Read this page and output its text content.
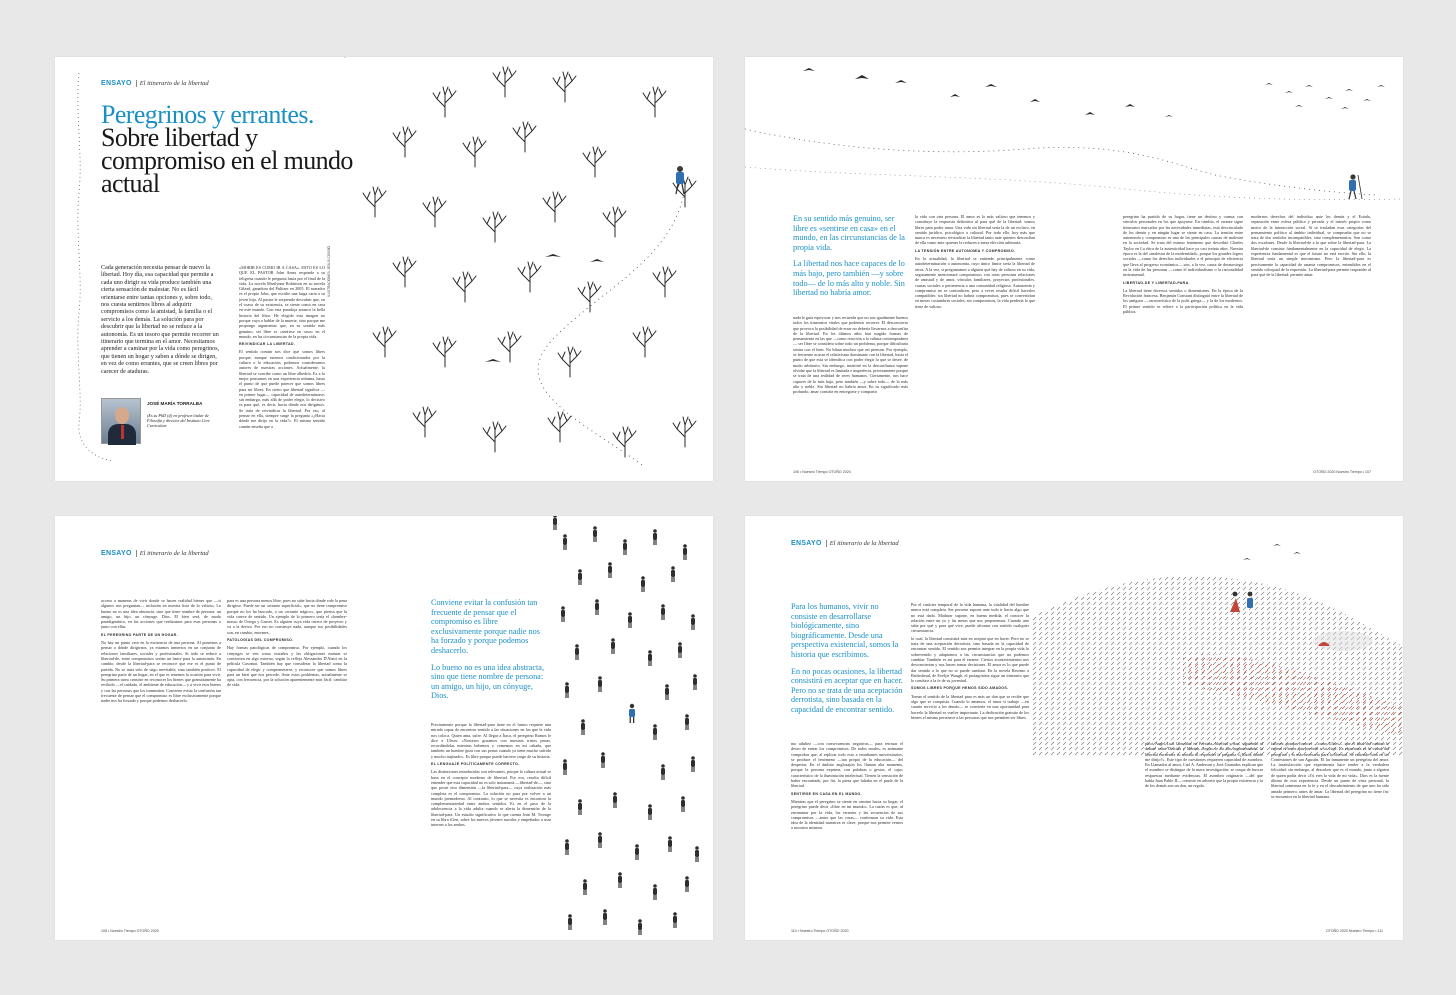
ENSAYO El itinerario de la libertad
Peregrinos y errantes.
Sobre libertad y compromiso en el mundo actual
Cada generación necesita pensar de nuevo la libertad. Hoy día, esa capacidad que permite a cada uno dirigir su vida produce también una cierta sensación de malestar. No es fácil orientarse entre tantas opciones y, sobre todo, nos cuesta sentirnos libres al adquirir compromisos como la amistad, la familia o el servicio a los demás. La solución para por descubrir que la libertad no se reduce a la autonomía. Es un tesoro que permite recorrer un itinerario que termina en el amor. Necesitamos aprender a caminar por la vida como peregrinos, que tienen un hogar y saben a dónde se dirigen, en vez de como errantes, que se creen libres por carecer de ataduras.
JOSÉ MARÍA TORRALBA
(Es su PhD (tf) en profesor titular de Filosofía y director del Instituto Core Curriculum

«MORIR ES COMO IR A CASA». ESTO ES LO QUE EL PASTOR John Ames responde a su feligresa cuando le pregunta hasta por el final de la vida. La novela Marilynne Robinson en su novela Gilead, ganadora del Pulitzer en 2005. El narrador es el propio John, que escribe una larga carta a su joven hijo. Al pastor le sorprende descubrir que, en el ocaso de su existencia, se siente como en casa en este mundo. Con esta paradoja arranca la bella historia del libro. He elegido esta imagen no porque vaya a hablar de la muerte, sino porque me propongo argumentar que, en su sentido más genuino, ser libre es «sentirse en casa» en el mundo, en las circunstancias de la propia vida.

REIVINDICAR LA LIBERTAD.

El sentido común nos dice que somos libres porque, aunque estemos condicionados por la cultura o la educación, podemos considerarnos autores de nuestras acciones. Actualmente, la libertad se concibe como un libre albedrío. Es a lo mejor pensamos en una experiencia mínima, hasta el punto de que puede parecer que somos libres para ser libres. En cierto que libertad significa —en primer lugar— capacidad de autodeterminarse; sin embargo, más allá de poder elegir, lo decisivo es para qué, es decir, hacia dónde nos dirigimos. Se trata de reivindicar la libertad. Por eso, al pensar en ella, siempre surge la pregunta «¿Hacia dónde me dirijo en la vida?». El mismo sentido común enseña que a

ILUSTRACIONES: JESÚS COSSÍO

En su sentido más genuino, ser libre es «sentirse en casa» en el mundo, en las circunstancias de la propia vida.

La libertad nos hace capaces de lo más bajo, pero también —y sobre todo— de lo más alto y noble. Sin libertad no habría amor.

nada le guía equivocar y nos recuerda que no son igualmente buenos todos los itinerarios vitales que podemos recorrer. El desconcierto que provoca la posibilidad de errar no debería llevarnos a desconfiar de la libertad. En los últimos años han surgido formas de pensamiento en las que —como reacción a la cultura contemporánea— ser libre se considera sobre todo un problema, porque dificultaría sentar con el bien. No hiban muchos que asi piensan. Por ejemplo, se frecuente acusar el relativismo dominante con la libertad, hasta el punto de que esta se identifica con poder elegir lo que se desee, de modo arbitrario. Sin embargo, insisitiré en la desconfianza supone olvidar que la libertad es limitada e imperfecta, precisamente porque se trata de una realidad de seres humanos. Ciertamente, nos hace capaces de lo más bajo, pero también —y sobre todo— de lo más alto y noble. Sin libertad no habría amor. En su significado más profundo, amar consiste en entregarse y compartir

la vida con otra persona. El amor es lo más valioso que tenemos y constituye la respuesta definitiva al para qué de la libertad: somos libres para poder amar. Una vida sin libertad sería la de un esclavo, en sentido jurídico, psicológico o cultural. Por todo ello, hoy más que nunca es necesario reivindicar la libertad tanto ante quienes desconfían de ella como ante quienes la reducen a mera elección arbitraria.

LA TENSIÓN ENTRE AUTONOMÍA Y COMPROMISO.

En la actualidad, la libertad se entiende principalmente como autodeterminación o autonomía, cuyo único límite sería la libertad de otros. A la vez, si preguntamos a alguien qué hay de valioso en su vida, seguramente mencionará compromisos con otras personas relaciones de amistad y de amor, vínculos familiares, proyectos profesionales, causas sociales o pertenencia a una comunidad religiosa. Autonomía y compromiso no se contradicen, pero a veces resulta difícil hacerlos compatibles: sin libertad no habría compromisos, pues se convertirían en meras costumbres sociales; sin compromisos, la vida perdería lo que tiene de valioso.

peregrino ha partido de su hogar, tiene un destino y cuenta con vínculos personales en los que apoyarse. En cambio, el errante sigue itinerarios marcados por las necesidades inmediatas, está desvinculado de los demás y en ningún lugar se siente en casa. La tensión entre autonomía y compromiso es una de las principales causas de malestar en la sociedad. Se trata del mismo fenómeno que describió Charles Taylor en La ética de la autenticidad hace ya casi treinta años. Nuestra época es la del «malestar de la modernidad», porque los grandes logros sociales —como los derechos individuales o el principio de eficiencia que lleva al progreso económico— son, a la vez, causa de desasosiego en la vida de las personas —como el individualismo o la racionalidad instrumental.

LIBERTAD-DE Y LIBERTAD-PARA.

La libertad tiene diversos sentidos o dimensiones. En la época de la Revolución francesa, Benjamin Constant distinguió entre la libertad de los antiguos —característica de la polis griega— y la de los modernos. El primer sentido se refiere a la participación política en la vida pública.

modernos derechos del individuo ante los demás y el Estado, separación entre esfera pública y privada y el interés propio como motor de la interacción social. Si se trasladan esas categorías del pensamiento político al ámbito individual, se comprueba que no se trata de dos sentidos incompatibles, sino complementarios. Son como dos escalones. Desde la libertad-de a la que sobre la libertad-para. La libertad-de consiste fundamentalmente en la capacidad de elegir. La experiencia fundamental es que el futuro no está escrito. Sin ello, la libertad sería un simple mecanismo. Pero la libertad-para es precisamente la capacidad de asumir compromisos, entendidos en el sentido coloquial de la expresión. La libertad-para permite responder al para qué de la libertad: permite amar.
106 • Nuestro Tiempo OTOÑO 2020	OTOÑO 2020 Nuestro Tiempo • 107
ENSAYO El itinerario de la libertad

acceso a maneras de vivir donde se hacen realidad bienes que —si algunos nos preguntan— incluirán en nuestra lista de lo valioso. Lo bueno no es una idea abstracta, sino que tiene nombre de persona: un amigo, un hijo, un cónyuge, Dios. El bien será, de modo paradigmático, en las acciones que realizamos para esas personas o junto con ellas.

EL PEREGRINO PARTE DE UN HOGAR.

No hay un punto cero en la existencia de una persona. Al ponernos a pensar a dónde dirigirnos, ya estamos inmersos en un conjunto de relaciones familiares, sociales y profesionales. Si todo se reduce a libertad-de, entre compromisos serían un lastre para la autonomía. En cambio, desde la libertad-para se reconoce que ese es el punto de partida. No se trata solo de sitgo inevitable, sino también positivo. El peregrino parte de un hogar, en el que es tenemos la ocasión para vivir. Su primera tarea consiste en reconocer los bienes que granuitamente ha recibido —el cuidado, el ambiente de educación— y a vivir esos bienes y con las personas que los transmiten. Conviene evitar la confusión tan frecuente de pensar que el compromiso es libre exclusivamente porque nadie nos ha forzado y porque podemos deshacerlo.

para es una persona menos libre, pues no sabe hacia dónde vale la pena dirigirse. Puede ser un «errante superficial», que no tiene compromiso porque no los ha buscado, o un «errante trágico», que piensa que la vida carece de sentido. Un ejemplo de lo primero sería el «hombre-masa» de Ortega y Gasset. Es alguien cuya vida carece de proyecto y va a la deriva. Por eso no construye nada, aunque sus posibilidades son, en cambio, enormes.

PATOLOGÍAS DEL COMPROMISO.

Hay formas patológicas de compromiso. Por ejemplo, cuando los cónyuges se ven como extraños y las obligaciones mutuas se convierten en algo externo, según lo refleja Alessandro D'Alatri en la película Casomai. También hay que considerar la libertad como la capacidad de elegir y comprometerse, y reconocer que somos libres para un bien que nos precede. Ante estos problemas, actualmente se opta, con frecuencia, por la solución aparentemente más fácil: cambiar de vida.

Conviene evitar la confusión tan frecuente de pensar que el compromiso es libre exclusivamente porque nadie nos ha forzado y porque podemos deshacerlo.

Lo bueno no es una idea abstracta, sino que tiene nombre de persona: un amigo, un hijo, un cónyuge, Dios.

Precisamente porque la libertad-para tiene en el futuro requiere una mirada capaz de encontrar sentido a las situaciones en las que la vida nos coloca. Quien ama, sufre. Al llegar a Ítaca, el peregrino Ramos le dice a Ulises: «Nosotros gozamos con nuestras tristes penas, recordándolas mientras bebemos y comemos en mi cabaña, que también un hombre goza con sus penas cuando ya tiene mucho sufrido y mucho trajinado». Es libre porque puede hacerse cargo de su historia.

EL LENGUAJE POLÍTICAMENTE CORRECTO.

Las distinciones introducidas son relevantes, porque la cultura actual se basa en el concepto moderno de libertad. Por eso, resulta difícil entender que esta capacidad no es solo autonomía —libertad-de—, sino que posee otra dimensión —la libertad-para— cuya realización más completa es el compromiso. La solución no pasa por volver a un mundo premoderno. Al contrario, lo que se necesita es encontrar la complementariedad entre ambos sentidos. Es en el paso de la adolescencia a la vida adulta cuando se alerta la dimensión de la libertad-para. Un estudio significativo lo que cuenta Jean M. Twenge en su libro iGen, sobre los nuevos jóvenes nacidos y empeñados a usar internet a los ambos.

108 • Nuestro Tiempo OTOÑO 2020
ENSAYO El itinerario de la libertad

Para los humanos, vivir no consiste en desarrollarse biológicamente, sino biográficamente. Desde una perspectiva existencial, somos la historia que escribimos.

En no pocas ocasiones, la libertad consistirá en aceptar que en hacer. Pero no se trata de una aceptación derrotista, sino basada en la capacidad de encontrar sentido.

mo adultez —con consecuencias negativas— para retrasar el deseo de entrar los compromisos. De todos modos, es animante comprobar que, al replicar todo esto a estudiantes universitarios, se produce el fenómeno —tan propio de la educación— del despertar. En el ámbito anglosajón los llaman aha moments, porque la persona exprima, con palabras o gestos, el «aja» característico de la iluminación intelectual. Tienen la sensación de haber encontrado, por fin, la pieza que faltaba en el puzle de la libertad.

SENTIRSE EN CASA EN EL MUNDO.

Mientras que el peregrino se siente en camino hacia su hogar, el peregrino puede decir «libre en mi mundo». La razón es que, al encaminar por la vida, los errantes y las secuencias de sus compromisos —antes que las cosas— conforman su vida. Esta idea de la identidad narrativa es clave, porque nos permite vernos a nosotros mismos.

Por el carácter temporal de la vida humana, la vitalidad del hombre nunca está completa. Ser persona supone ante todo ir hacia algo que no está dado. Madurar supone, en buena medida, el conocer la relación entre un yo y las metas que nos proponemos. Cuando uno sabe por qué y para qué vive, puede afrontar con sentido cualquier circunstancia.

lo cual, la libertad consistirá más en aceptar que en hacer. Pero no se trata de una aceptación derrotista, sino basada en la capacidad de encontrar sentido. El sentido nos permite integrar en la propia vida lo sobrevenido y adaptarnos a las circunstancias que no podemos cambiar. También es así para el errante. Ciertos acontecimientos nos desconciertan y nos hacen tomar decisiones. El amor es lo que puede dar sentido a lo que no se puede cambiar. En la novela Retorno a Brideshead, de Evelyn Waugh, el protagonista sigue un itinerario que lo conduce a la fe de su juventud.

SOMOS LIBRES PORQUE HEMOS SIDO AMADOS.

Tomar el sentido de la libertad para es más un don que se recibe que algo que se conquista. Cuando lo amamos, el amor sí trabajo —en cuanto servicio a los demás— se convierte en una oportunidad para hacerlo la libertad se vuelve importante. La dedicación gratuita de los bienes el mismo pertenece a las personas que nos permiten ser libres.

plicó Ángel Luis González en Persona, libertad y don, siguiendo el debate entre Derrida y Marion. Según se ha ido argumentando, la libertad encuentra su sentido al responder la pregunta «¿Hacia dónde me dirijo?». Este tipo de cuestiones requieren capacidad de asombro. En Llamados al amor, Carl A. Anderson y José Granados explican que el asombro se distingue de la mera investigación: se ocupa de buscar respuestas mediante evidencias. El asombro originario —del que habla Juan Pablo II— consiste en advertir que la propia existencia y la de los demás son un don, un regalo.
fallecer, porque conocer —como Ulises— que el final del camino le espera el amor que percede a su viaje. La esperanza es la virtud del peregrino y la más necesaria para la libertad. Se entiende bien en las Confesiones de san Agustín. El lar inmanente un peregrino del amor. La insatisfacción que experimenta hace tender a la verdadera felicidad: sin embargo, al descubrir que es el mundo, junto a alguien de quien podía decir «Tú eres la vida de mi vida». Dios es la fuente última de esta experiencia. Desde un punto de vista personal, la libertad comienza en la fe y en el descubrimiento de que uno ha sido amado primero, antes de amar. La libertad del peregrino no tiene fin: se encuentra en la libertad humana.
110 • Nuestro Tiempo OTOÑO 2020	OTOÑO 2020 Nuestro Tiempo • 111
